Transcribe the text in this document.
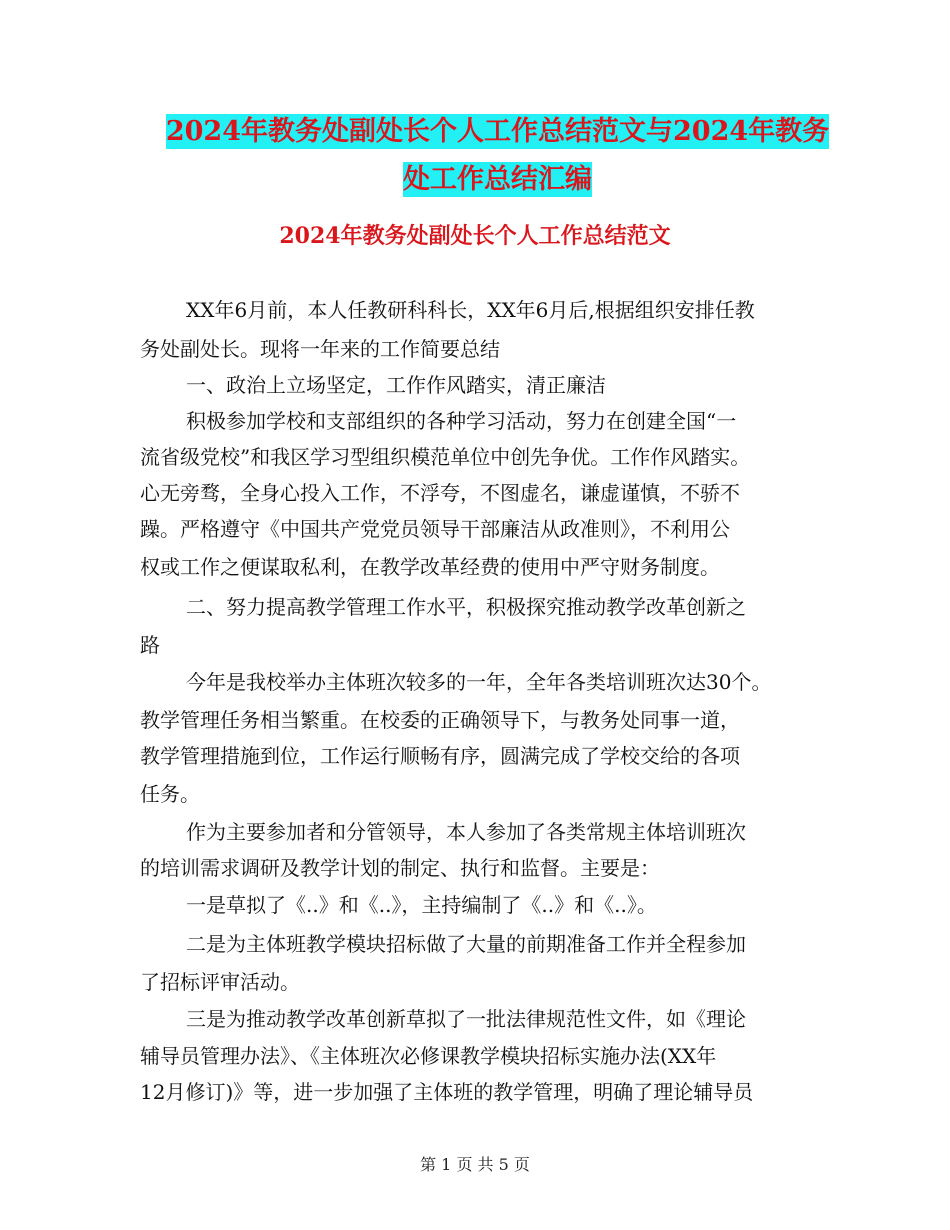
2024年教务处副处长个人工作总结范文与2024年教务
处工作总结汇编
2024年教务处副处长个人工作总结范文
XX年6月前，本人任教研科科长，XX年6月后,根据组织安排任教
务处副处长。现将一年来的工作简要总结
一、政治上立场坚定，工作作风踏实，清正廉洁
积极参加学校和支部组织的各种学习活动，努力在创建全国“一
流省级党校”和我区学习型组织模范单位中创先争优。工作作风踏实。
心无旁骛，全身心投入工作，不浮夸，不图虚名，谦虚谨慎，不骄不
躁。严格遵守《中国共产党党员领导干部廉洁从政准则》，不利用公
权或工作之便谋取私利，在教学改革经费的使用中严守财务制度。
二、努力提高教学管理工作水平，积极探究推动教学改革创新之
路
今年是我校举办主体班次较多的一年，全年各类培训班次达30个。
教学管理任务相当繁重。在校委的正确领导下，与教务处同事一道，
教学管理措施到位，工作运行顺畅有序，圆满完成了学校交给的各项
任务。
作为主要参加者和分管领导，本人参加了各类常规主体培训班次
的培训需求调研及教学计划的制定、执行和监督。主要是：
一是草拟了《..》和《..》，主持编制了《..》和《..》。
二是为主体班教学模块招标做了大量的前期准备工作并全程参加
了招标评审活动。
三是为推动教学改革创新草拟了一批法律规范性文件，如《理论
辅导员管理办法》、《主体班次必修课教学模块招标实施办法(XX年
12月修订)》等，进一步加强了主体班的教学管理，明确了理论辅导员
第 1 页 共 5 页
